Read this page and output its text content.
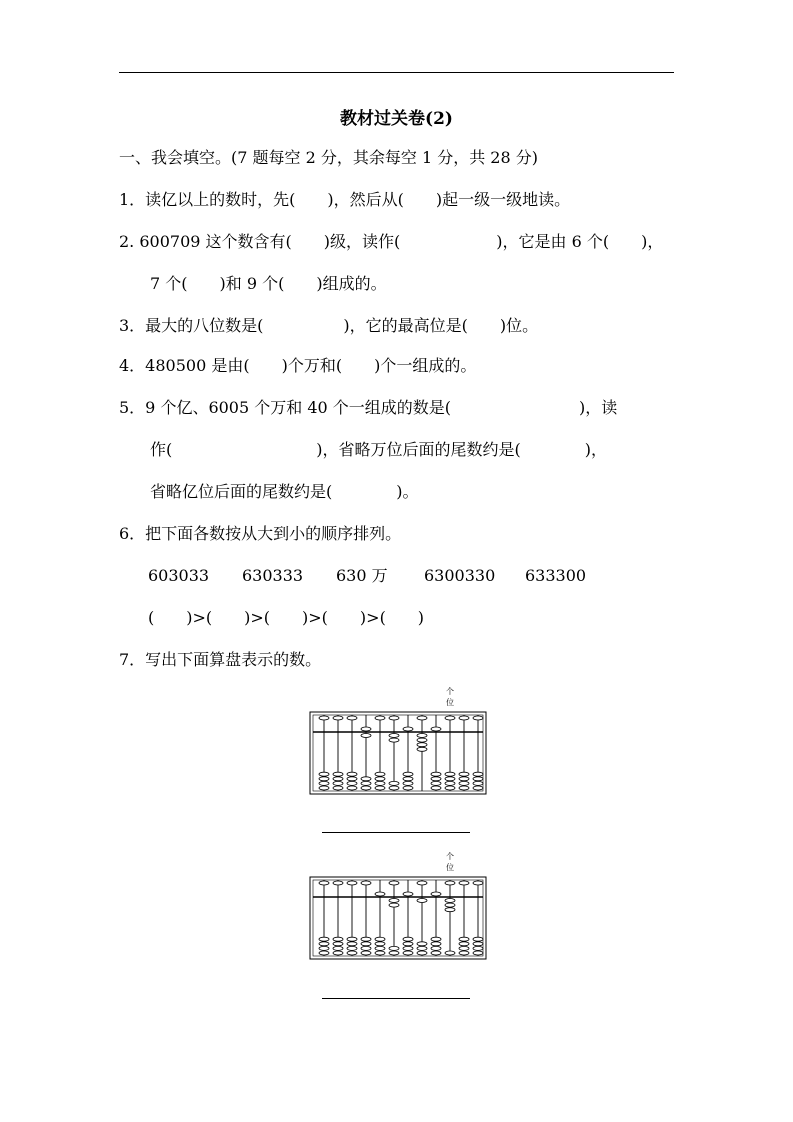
教材过关卷(2)
一、我会填空。(7 题每空 2 分，其余每空 1 分，共 28 分)
1．读亿以上的数时，先(　　)，然后从(　　)起一级一级地读。
2. 600709 这个数含有(　　)级，读作(　　　　　　)，它是由 6 个(　　)，
7 个(　　)和 9 个(　　)组成的。
3．最大的八位数是(　　　　　)，它的最高位是(　　)位。
4．480500 是由(　　)个万和(　　)个一组成的。
5．9 个亿、6005 个万和 40 个一组成的数是(　　　　　　　　)，读
作(　　　　　　　　　)，省略万位后面的尾数约是(　　　　)，
省略亿位后面的尾数约是(　　　　)。
6．把下面各数按从大到小的顺序排列。
603033 630333 630 万 6300330 633300
(　　)>(　　)>(　　)>(　　)>(　　)
7．写出下面算盘表示的数。
个
位
个
位
